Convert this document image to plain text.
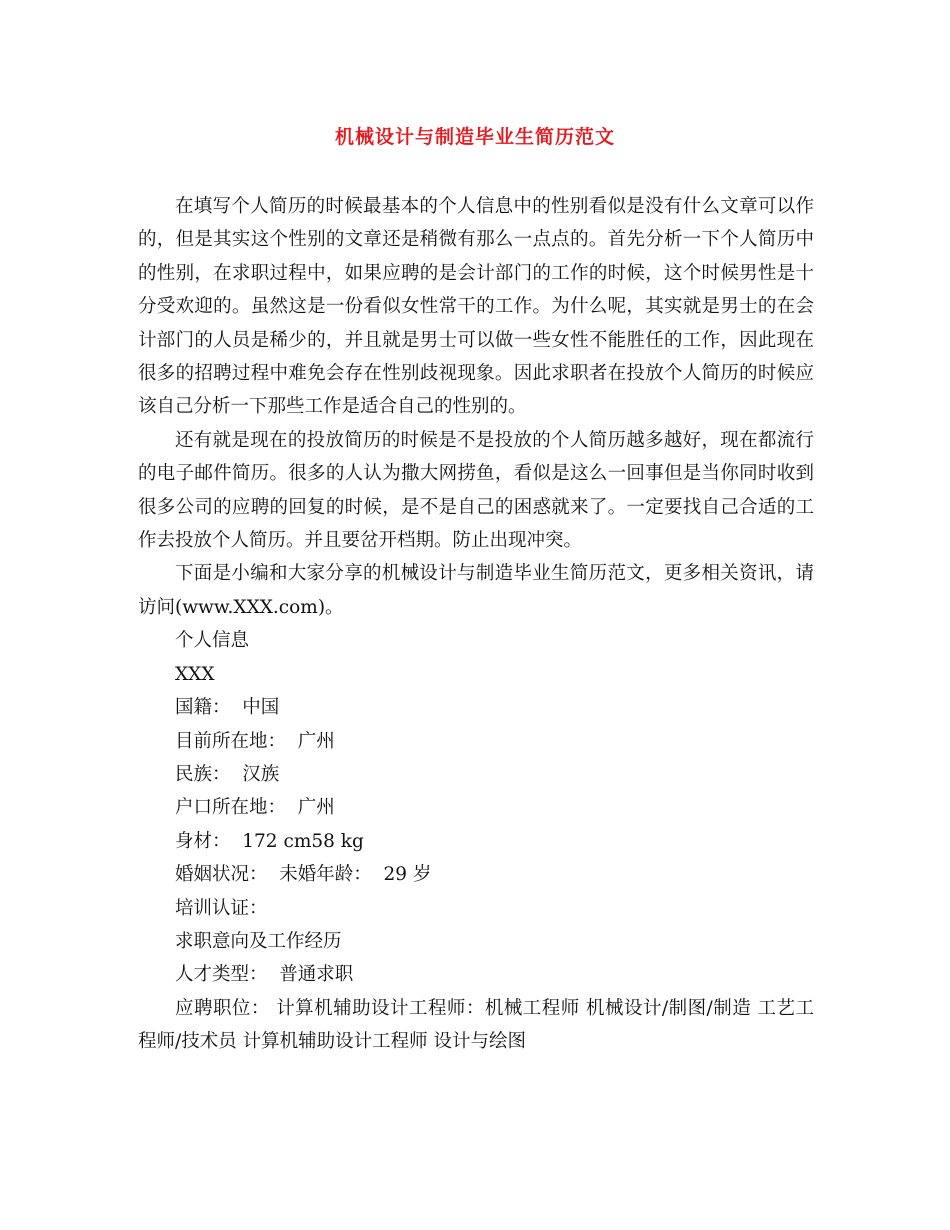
机械设计与制造毕业生简历范文

在填写个人简历的时候最基本的个人信息中的性别看似是没有什么文章可以作的，但是其实这个性别的文章还是稍微有那么一点点的。首先分析一下个人简历中的性别，在求职过程中，如果应聘的是会计部门的工作的时候，这个时候男性是十分受欢迎的。虽然这是一份看似女性常干的工作。为什么呢，其实就是男士的在会计部门的人员是稀少的，并且就是男士可以做一些女性不能胜任的工作，因此现在很多的招聘过程中难免会存在性别歧视现象。因此求职者在投放个人简历的时候应该自己分析一下那些工作是适合自己的性别的。

还有就是现在的投放简历的时候是不是投放的个人简历越多越好，现在都流行的电子邮件简历。很多的人认为撒大网捞鱼，看似是这么一回事但是当你同时收到很多公司的应聘的回复的时候，是不是自己的困惑就来了。一定要找自己合适的工作去投放个人简历。并且要岔开档期。防止出现冲突。

下面是小编和大家分享的机械设计与制造毕业生简历范文，更多相关资讯，请访问(www.XXX.com)。

个人信息

XXX

国籍：  中国

目前所在地：  广州

民族：  汉族

户口所在地：  广州

身材：  172 cm58 kg

婚姻状况：  未婚年龄：  29 岁

培训认证：

求职意向及工作经历

人才类型：  普通求职

应聘职位： 计算机辅助设计工程师：机械工程师 机械设计/制图/制造 工艺工程师/技术员 计算机辅助设计工程师 设计与绘图
